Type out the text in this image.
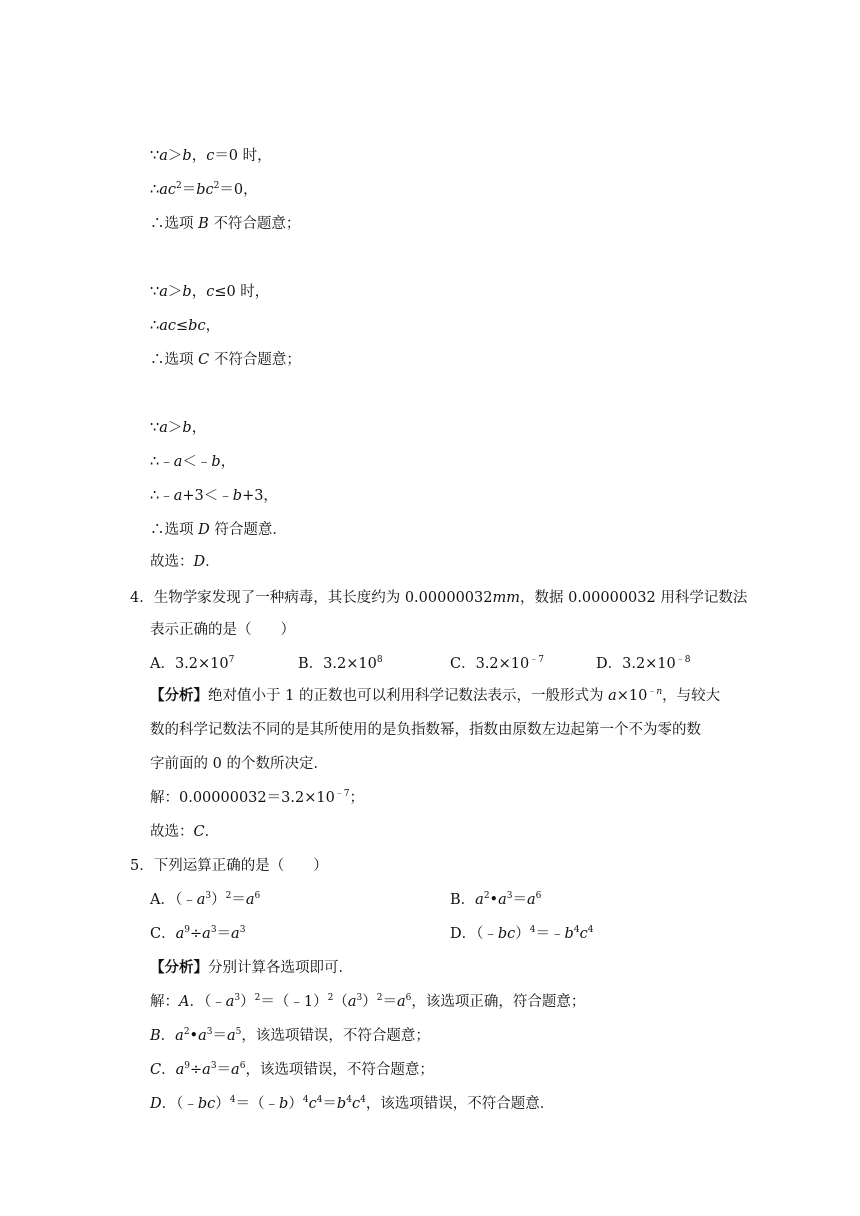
∵a＞b，c＝0 时，
$\therefore ac^2=bc^2=0$，
∴选项 B 不符合题意；
∵a＞b，c≤0 时，
∴ac≤bc，
∴选项 C 不符合题意；
∵a＞b，
∴﹣a＜﹣b，
∴﹣a+3＜﹣b+3，
∴选项 D 符合题意．
故选：D．
4．生物学家发现了一种病毒，其长度约为 0.00000032mm，数据 0.00000032 用科学记数法
表示正确的是（　　）
A．$3.2\times 10^7$	B．$3.2\times 10^8$	C．$3.2\times 10^{﹣7}$	D．$3.2\times 10^{﹣8}$
【分析】绝对值小于 1 的正数也可以利用科学记数法表示，一般形式为 $a\times 10^{﹣n}$，与较大
数的科学记数法不同的是其所使用的是负指数幂，指数由原数左边起第一个不为零的数
字前面的 0 的个数所决定．
解：$0.00000032=3.2\times 10^{﹣7}$；
故选：C．
5．下列运算正确的是（　　）
A．$(﹣a^3)^2=a^6$	B．$a^2•a^3=a^6$
C．$a^9\div a^3=a^3$	D．$(﹣bc)^4=﹣b^4c^4$
【分析】分别计算各选项即可．
解：A．$(﹣a^3)^2=(﹣1)^2(a^3)^2=a^6$，该选项正确，符合题意；
B．$a^2•a^3=a^5$，该选项错误，不符合题意；
C．$a^9\div a^3=a^6$，该选项错误，不符合题意；
D．$(﹣bc)^4=(﹣b)^4c^4=b^4c^4$，该选项错误，不符合题意．
